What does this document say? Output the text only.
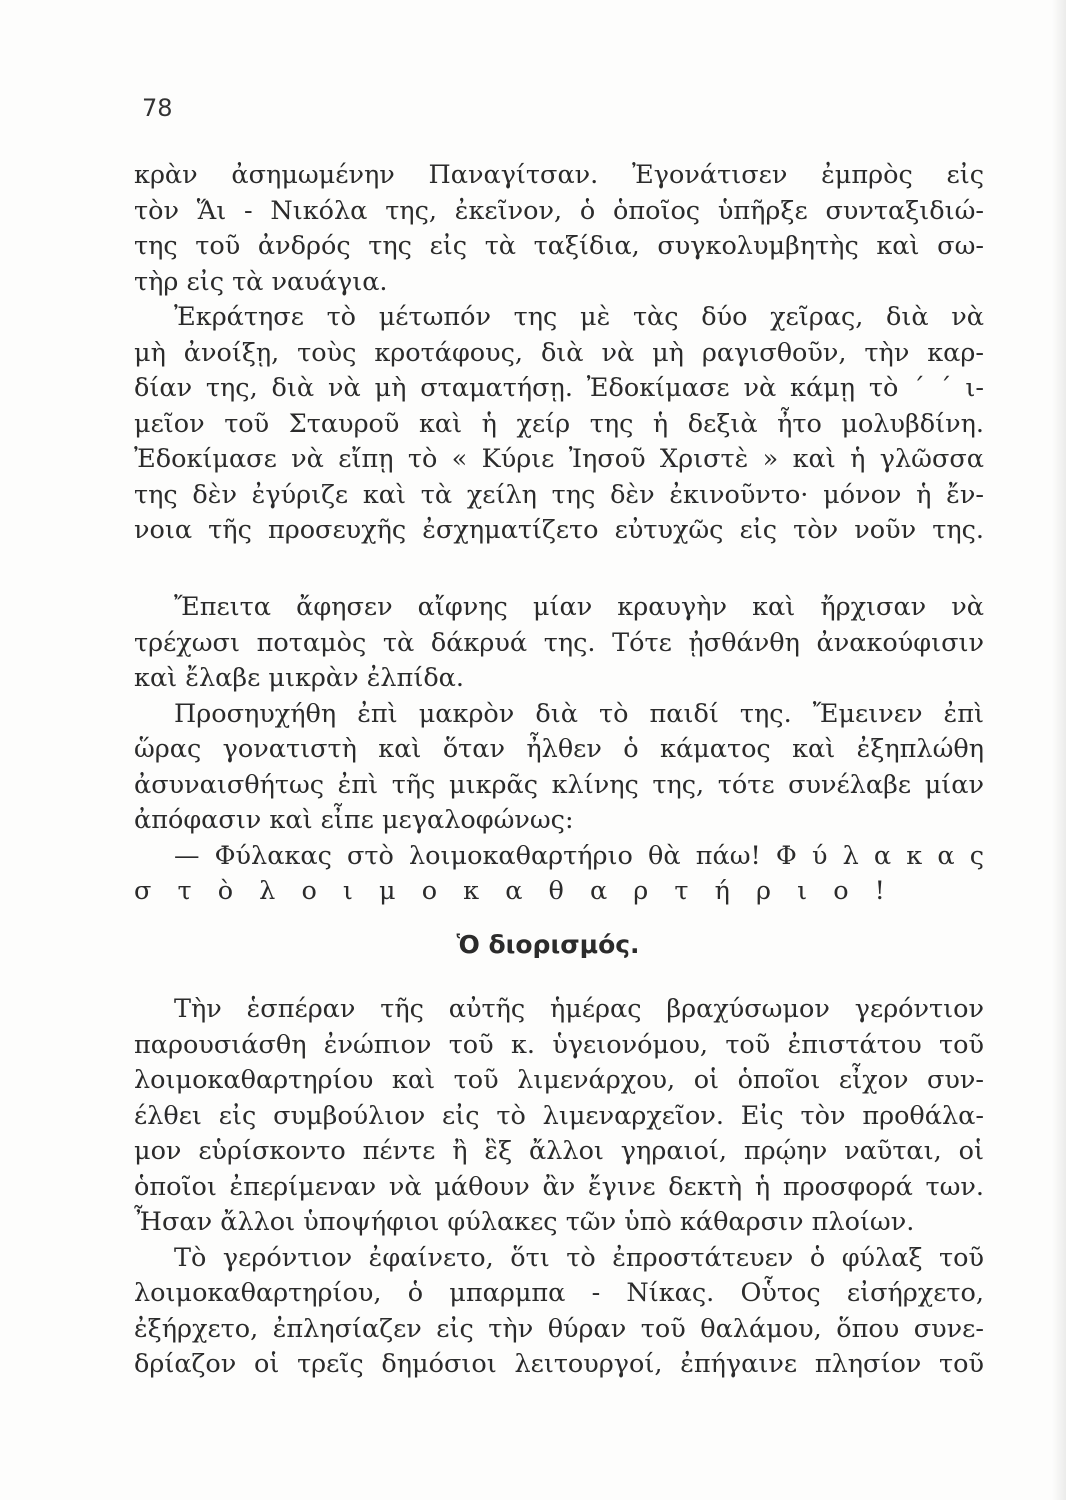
78
κρὰν ἀσημωμένην Παναγίτσαν. Ἐγονάτισεν ἐμπρὸς εἰς
τὸν Ἅι - Νικόλα της, ἐκεῖνον, ὁ ὁποῖος ὑπῆρξε συνταξιδιώ-
της τοῦ ἀνδρός της εἰς τὰ ταξίδια, συγκολυμβητὴς καὶ σω-
τὴρ εἰς τὰ ναυάγια.
Ἐκράτησε τὸ μέτωπόν της μὲ τὰς δύο χεῖρας, διὰ νὰ
μὴ ἀνοίξῃ, τοὺς κροτάφους, διὰ νὰ μὴ ραγισθοῦν, τὴν καρ-
δίαν της, διὰ νὰ μὴ σταματήσῃ. Ἐδοκίμασε νὰ κάμῃ τὸ ΄ ΄ ι-
μεῖον τοῦ Σταυροῦ καὶ ἡ χείρ της ἡ δεξιὰ ἦτο μολυβδίνη.
Ἐδοκίμασε νὰ εἴπῃ τὸ « Κύριε Ἰησοῦ Χριστὲ » καὶ ἡ γλῶσσα
της δὲν ἐγύριζε καὶ τὰ χείλη της δὲν ἐκινοῦντο· μόνον ἡ ἔν-
νοια τῆς προσευχῆς ἐσχηματίζετο εὐτυχῶς εἰς τὸν νοῦν της.
Ἔπειτα ἄφησεν αἴφνης μίαν κραυγὴν καὶ ἤρχισαν νὰ
τρέχωσι ποταμὸς τὰ δάκρυά της. Τότε ᾐσθάνθη ἀνακούφισιν
καὶ ἔλαβε μικρὰν ἐλπίδα.
Προσηυχήθη ἐπὶ μακρὸν διὰ τὸ παιδί της. Ἔμεινεν ἐπὶ
ὥρας γονατιστὴ καὶ ὅταν ἦλθεν ὁ κάματος καὶ ἐξηπλώθη
ἀσυναισθήτως ἐπὶ τῆς μικρᾶς κλίνης της, τότε συνέλαβε μίαν
ἀπόφασιν καὶ εἶπε μεγαλοφώνως:
— Φύλακας στὸ λοιμοκαθαρτήριο θὰ πάω! Φ ύ λ α κ α ς
σ τ ὸ λ ο ι μ ο κ α θ α ρ τ ή ρ ι ο !
Ὁ διορισμός.
Τὴν ἑσπέραν τῆς αὐτῆς ἡμέρας βραχύσωμον γερόντιον
παρουσιάσθη ἐνώπιον τοῦ κ. ὑγειονόμου, τοῦ ἐπιστάτου τοῦ
λοιμοκαθαρτηρίου καὶ τοῦ λιμενάρχου, οἱ ὁποῖοι εἶχον συν-
έλθει εἰς συμβούλιον εἰς τὸ λιμεναρχεῖον. Εἰς τὸν προθάλα-
μον εὑρίσκοντο πέντε ἢ ἓξ ἄλλοι γηραιοί, πρῴην ναῦται, οἱ
ὁποῖοι ἐπερίμεναν νὰ μάθουν ἂν ἔγινε δεκτὴ ἡ προσφορά των.
Ἦσαν ἄλλοι ὑποψήφιοι φύλακες τῶν ὑπὸ κάθαρσιν πλοίων.
Τὸ γερόντιον ἐφαίνετο, ὅτι τὸ ἐπροστάτευεν ὁ φύλαξ τοῦ
λοιμοκαθαρτηρίου, ὁ μπαρμπα - Νίκας. Οὗτος εἰσήρχετο,
ἐξήρχετο, ἐπλησίαζεν εἰς τὴν θύραν τοῦ θαλάμου, ὅπου συνε-
δρίαζον οἱ τρεῖς δημόσιοι λειτουργοί, ἐπήγαινε πλησίον τοῦ
